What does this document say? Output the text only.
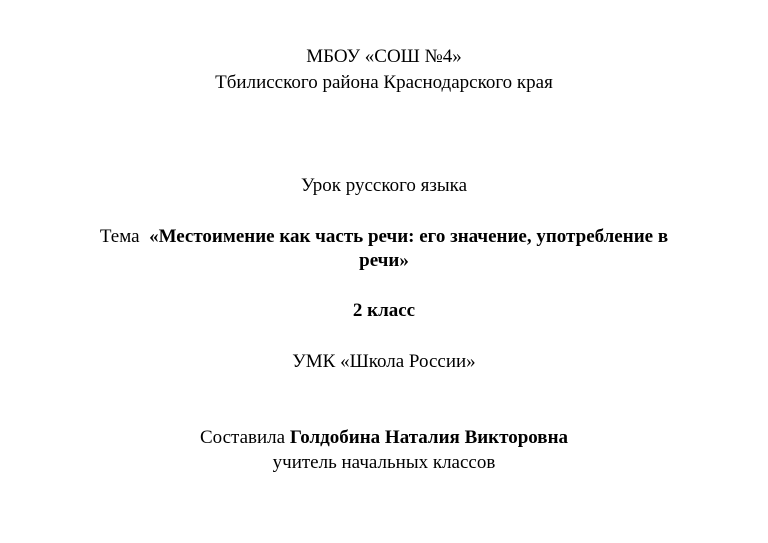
МБОУ «СОШ №4»
Тбилисского района Краснодарского края
Урок русского языка
Тема «Местоимение как часть речи: его значение, употребление в
речи»
2 класс
УМК «Школа России»
Составила Голдобина Наталия Викторовна
учитель начальных классов
